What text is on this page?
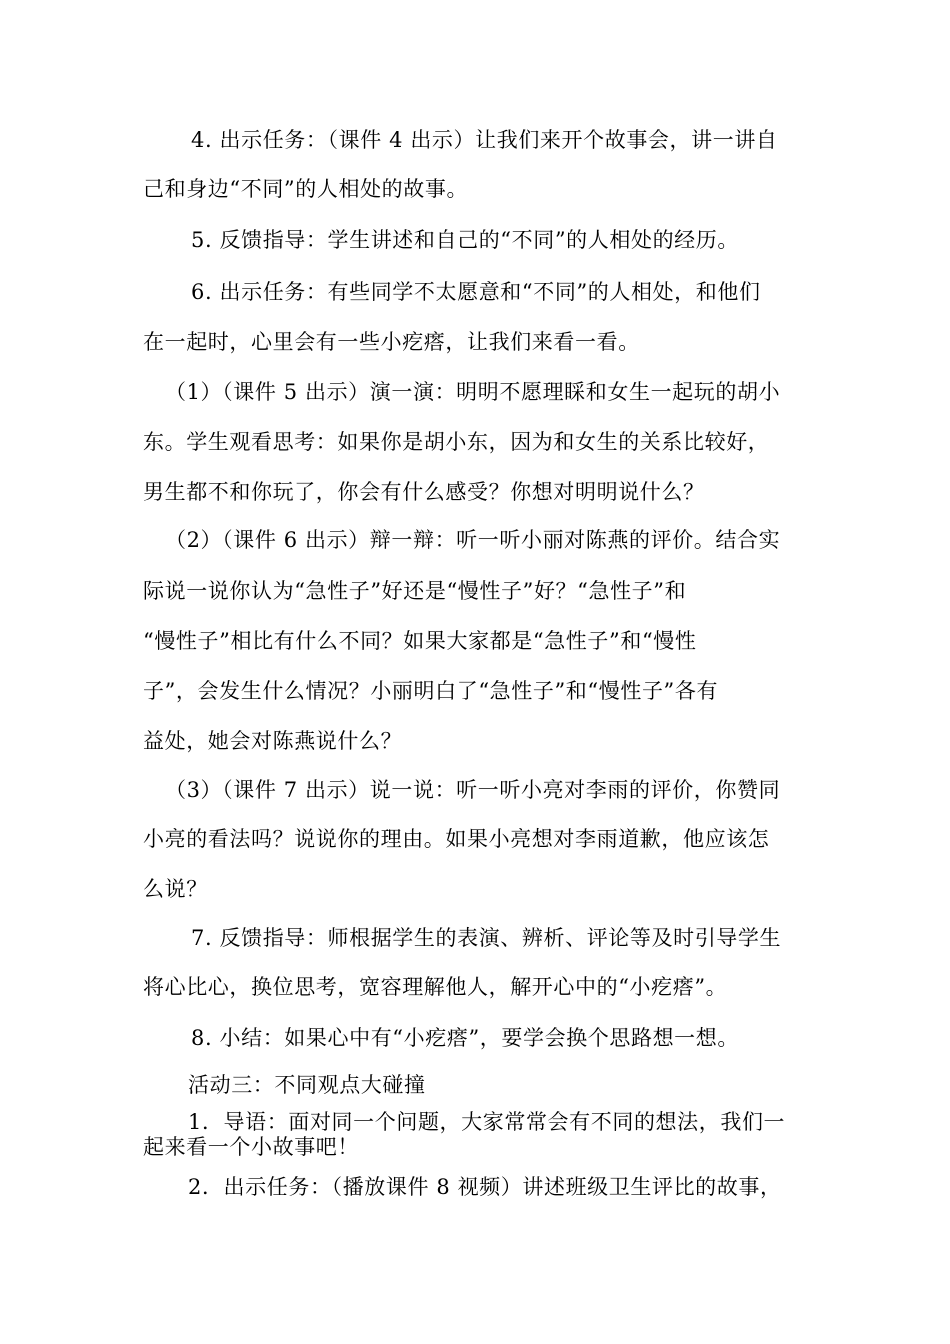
4. 出示任务：（课件 4 出示）让我们来开个故事会，讲一讲自
己和身边“不同”的人相处的故事。
5. 反馈指导：学生讲述和自己的“不同”的人相处的经历。
6. 出示任务：有些同学不太愿意和“不同”的人相处，和他们
在一起时，心里会有一些小疙瘩，让我们来看一看。
（1）（课件 5 出示）演一演：明明不愿理睬和女生一起玩的胡小
东。学生观看思考：如果你是胡小东，因为和女生的关系比较好，
男生都不和你玩了，你会有什么感受？你想对明明说什么？
（2）（课件 6 出示）辩一辩：听一听小丽对陈燕的评价。结合实
际说一说你认为“急性子”好还是“慢性子”好？“急性子”和
“慢性子”相比有什么不同？如果大家都是“急性子”和“慢性
子”，会发生什么情况？小丽明白了“急性子”和“慢性子”各有
益处，她会对陈燕说什么？
（3）（课件 7 出示）说一说：听一听小亮对李雨的评价，你赞同
小亮的看法吗？说说你的理由。如果小亮想对李雨道歉，他应该怎
么说？
7. 反馈指导：师根据学生的表演、辨析、评论等及时引导学生
将心比心，换位思考，宽容理解他人，解开心中的“小疙瘩”。
8. 小结：如果心中有“小疙瘩”，要学会换个思路想一想。
活动三：不同观点大碰撞
1．导语：面对同一个问题，大家常常会有不同的想法，我们一
起来看一个小故事吧！
2．出示任务：（播放课件 8 视频）讲述班级卫生评比的故事，
